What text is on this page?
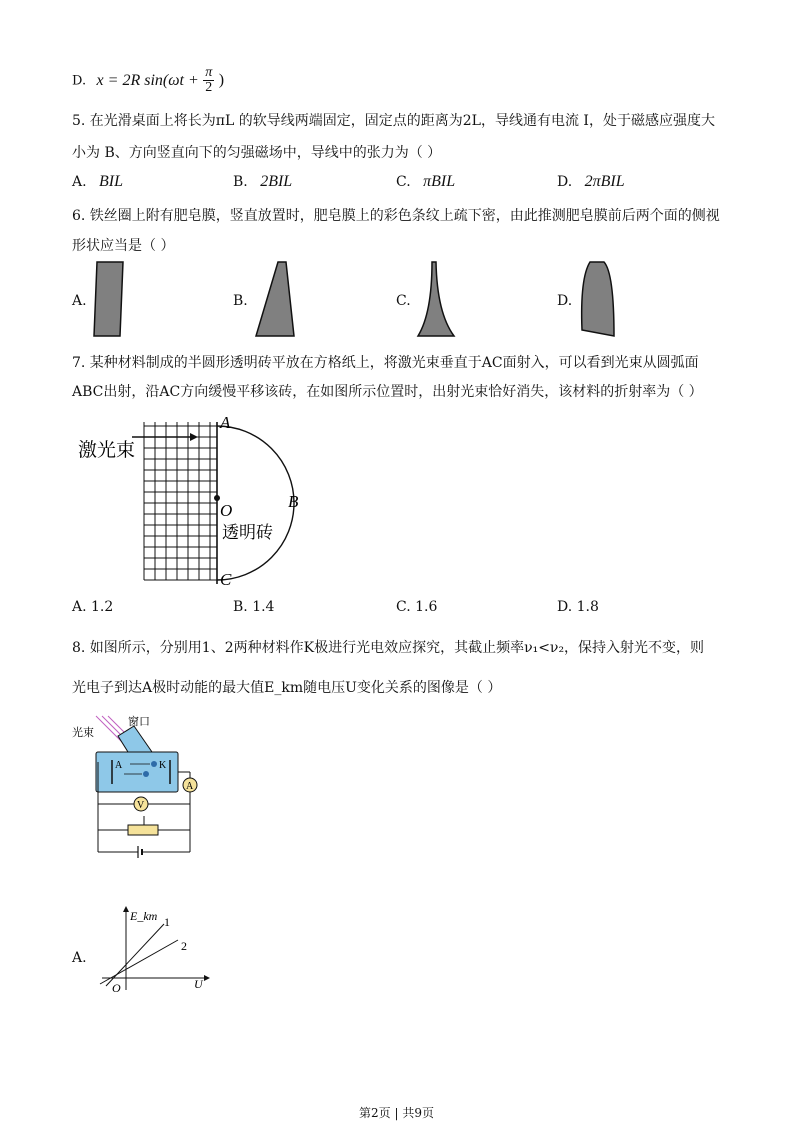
D. x = 2R $\sin(\omega t + \frac{\pi}{2}$ )
5. 在光滑桌面上将长为πL 的软导线两端固定，固定点的距离为2L，导线通有电流 I，处于磁感应强度大
小为 B、方向竖直向下的匀强磁场中，导线中的张力为（ ）
A. BIL	B. 2BIL	C. πBIL	D. 2πBIL
6. 铁丝圈上附有肥皂膜，竖直放置时，肥皂膜上的彩色条纹上疏下密，由此推测肥皂膜前后两个面的侧视
形状应当是（ ）
A.	B.	C.	D.
7. 某种材料制成的半圆形透明砖平放在方格纸上，将激光束垂直于AC面射入，可以看到光束从圆弧面
ABC出射，沿AC方向缓慢平移该砖，在如图所示位置时，出射光束恰好消失，该材料的折射率为（ ）
激光束
A
B
C
O
透明砖
A. 1.2	B. 1.4	C. 1.6	D. 1.8
8. 如图所示，分别用1、2两种材料作K极进行光电效应探究，其截止频率ν₁<ν₂，保持入射光不变，则
光电子到达A极时动能的最大值E_km随电压U变化关系的图像是（ ）
光束
窗口
A	K
A
V
A.
E_km
U
O
1
2
第2页 | 共9页
